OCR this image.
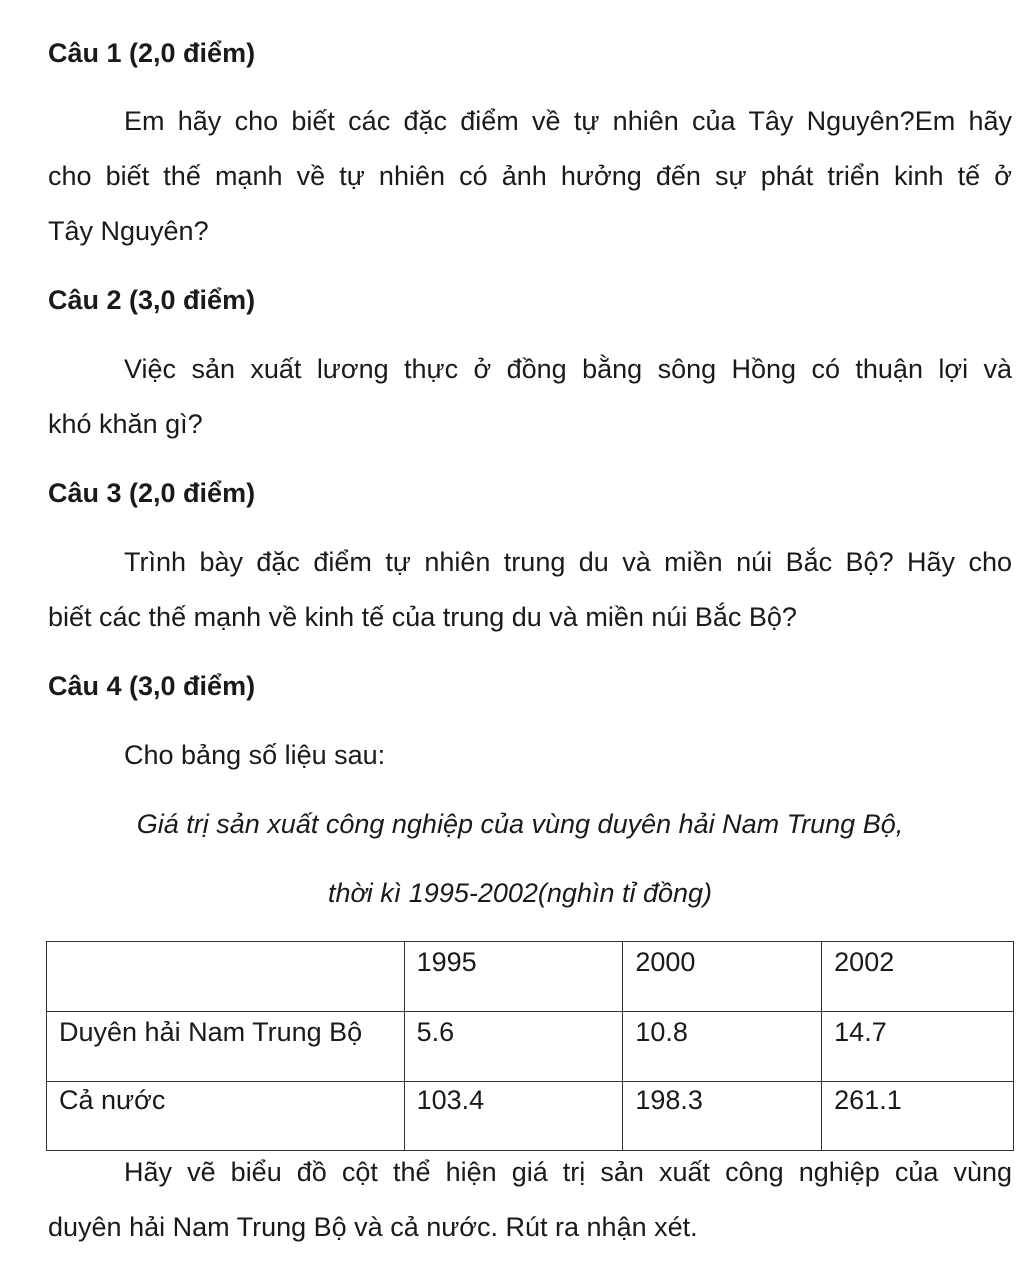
Câu 1 (2,0 điểm)
Em hãy cho biết các đặc điểm về tự nhiên của Tây Nguyên?Em hãy
cho biết thế mạnh về tự nhiên có ảnh hưởng đến sự phát triển kinh tế ở
Tây Nguyên?
Câu 2 (3,0 điểm)
Việc sản xuất lương thực ở đồng bằng sông Hồng có thuận lợi và
khó khăn gì?
Câu 3 (2,0 điểm)
Trình bày đặc điểm tự nhiên trung du và miền núi Bắc Bộ? Hãy cho
biết các thế mạnh về kinh tế của trung du và miền núi Bắc Bộ?
Câu 4 (3,0 điểm)
Cho bảng số liệu sau:
Giá trị sản xuất công nghiệp của vùng duyên hải Nam Trung Bộ,
thời kì 1995-2002(nghìn tỉ đồng)
	1995	2000	2002
Duyên hải Nam Trung Bộ	5.6	10.8	14.7
Cả nước	103.4	198.3	261.1
Hãy vẽ biểu đồ cột thể hiện giá trị sản xuất công nghiệp của vùng
duyên hải Nam Trung Bộ và cả nước. Rút ra nhận xét.
